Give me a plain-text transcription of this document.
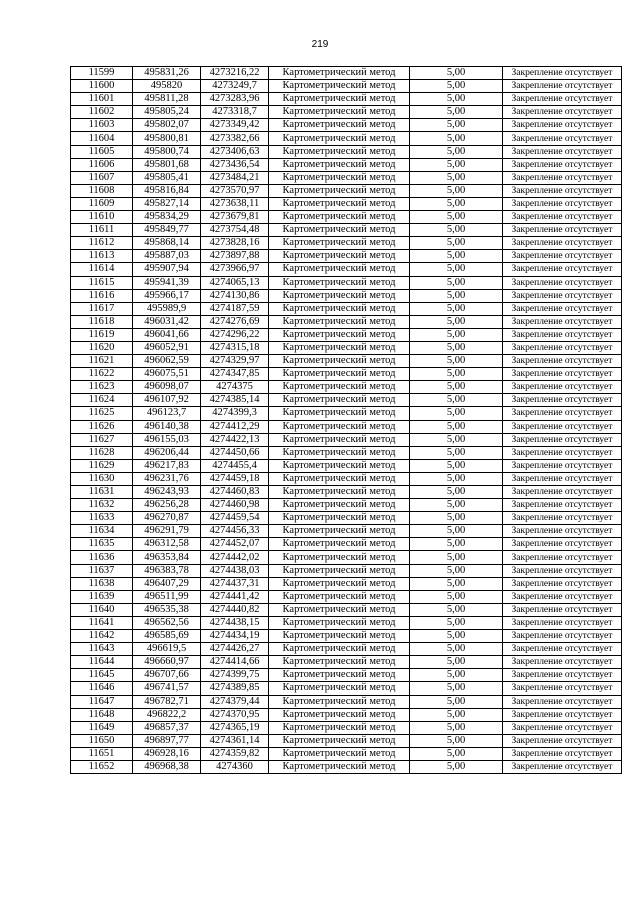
219
11599	495831,26	4273216,22	Картометрический метод	5,00	Закрепление отсутствует
11600	495820	4273249,7	Картометрический метод	5,00	Закрепление отсутствует
11601	495811,28	4273283,96	Картометрический метод	5,00	Закрепление отсутствует
11602	495805,24	4273318,7	Картометрический метод	5,00	Закрепление отсутствует
11603	495802,07	4273349,42	Картометрический метод	5,00	Закрепление отсутствует
11604	495800,81	4273382,66	Картометрический метод	5,00	Закрепление отсутствует
11605	495800,74	4273406,63	Картометрический метод	5,00	Закрепление отсутствует
11606	495801,68	4273436,54	Картометрический метод	5,00	Закрепление отсутствует
11607	495805,41	4273484,21	Картометрический метод	5,00	Закрепление отсутствует
11608	495816,84	4273570,97	Картометрический метод	5,00	Закрепление отсутствует
11609	495827,14	4273638,11	Картометрический метод	5,00	Закрепление отсутствует
11610	495834,29	4273679,81	Картометрический метод	5,00	Закрепление отсутствует
11611	495849,77	4273754,48	Картометрический метод	5,00	Закрепление отсутствует
11612	495868,14	4273828,16	Картометрический метод	5,00	Закрепление отсутствует
11613	495887,03	4273897,88	Картометрический метод	5,00	Закрепление отсутствует
11614	495907,94	4273966,97	Картометрический метод	5,00	Закрепление отсутствует
11615	495941,39	4274065,13	Картометрический метод	5,00	Закрепление отсутствует
11616	495966,17	4274130,86	Картометрический метод	5,00	Закрепление отсутствует
11617	495989,9	4274187,59	Картометрический метод	5,00	Закрепление отсутствует
11618	496031,42	4274276,69	Картометрический метод	5,00	Закрепление отсутствует
11619	496041,66	4274296,22	Картометрический метод	5,00	Закрепление отсутствует
11620	496052,91	4274315,18	Картометрический метод	5,00	Закрепление отсутствует
11621	496062,59	4274329,97	Картометрический метод	5,00	Закрепление отсутствует
11622	496075,51	4274347,85	Картометрический метод	5,00	Закрепление отсутствует
11623	496098,07	4274375	Картометрический метод	5,00	Закрепление отсутствует
11624	496107,92	4274385,14	Картометрический метод	5,00	Закрепление отсутствует
11625	496123,7	4274399,3	Картометрический метод	5,00	Закрепление отсутствует
11626	496140,38	4274412,29	Картометрический метод	5,00	Закрепление отсутствует
11627	496155,03	4274422,13	Картометрический метод	5,00	Закрепление отсутствует
11628	496206,44	4274450,66	Картометрический метод	5,00	Закрепление отсутствует
11629	496217,83	4274455,4	Картометрический метод	5,00	Закрепление отсутствует
11630	496231,76	4274459,18	Картометрический метод	5,00	Закрепление отсутствует
11631	496243,93	4274460,83	Картометрический метод	5,00	Закрепление отсутствует
11632	496256,28	4274460,98	Картометрический метод	5,00	Закрепление отсутствует
11633	496270,87	4274459,54	Картометрический метод	5,00	Закрепление отсутствует
11634	496291,79	4274456,33	Картометрический метод	5,00	Закрепление отсутствует
11635	496312,58	4274452,07	Картометрический метод	5,00	Закрепление отсутствует
11636	496353,84	4274442,02	Картометрический метод	5,00	Закрепление отсутствует
11637	496383,78	4274438,03	Картометрический метод	5,00	Закрепление отсутствует
11638	496407,29	4274437,31	Картометрический метод	5,00	Закрепление отсутствует
11639	496511,99	4274441,42	Картометрический метод	5,00	Закрепление отсутствует
11640	496535,38	4274440,82	Картометрический метод	5,00	Закрепление отсутствует
11641	496562,56	4274438,15	Картометрический метод	5,00	Закрепление отсутствует
11642	496585,69	4274434,19	Картометрический метод	5,00	Закрепление отсутствует
11643	496619,5	4274426,27	Картометрический метод	5,00	Закрепление отсутствует
11644	496660,97	4274414,66	Картометрический метод	5,00	Закрепление отсутствует
11645	496707,66	4274399,75	Картометрический метод	5,00	Закрепление отсутствует
11646	496741,57	4274389,85	Картометрический метод	5,00	Закрепление отсутствует
11647	496782,71	4274379,44	Картометрический метод	5,00	Закрепление отсутствует
11648	496822,2	4274370,95	Картометрический метод	5,00	Закрепление отсутствует
11649	496857,37	4274365,19	Картометрический метод	5,00	Закрепление отсутствует
11650	496897,77	4274361,14	Картометрический метод	5,00	Закрепление отсутствует
11651	496928,16	4274359,82	Картометрический метод	5,00	Закрепление отсутствует
11652	496968,38	4274360	Картометрический метод	5,00	Закрепление отсутствует
